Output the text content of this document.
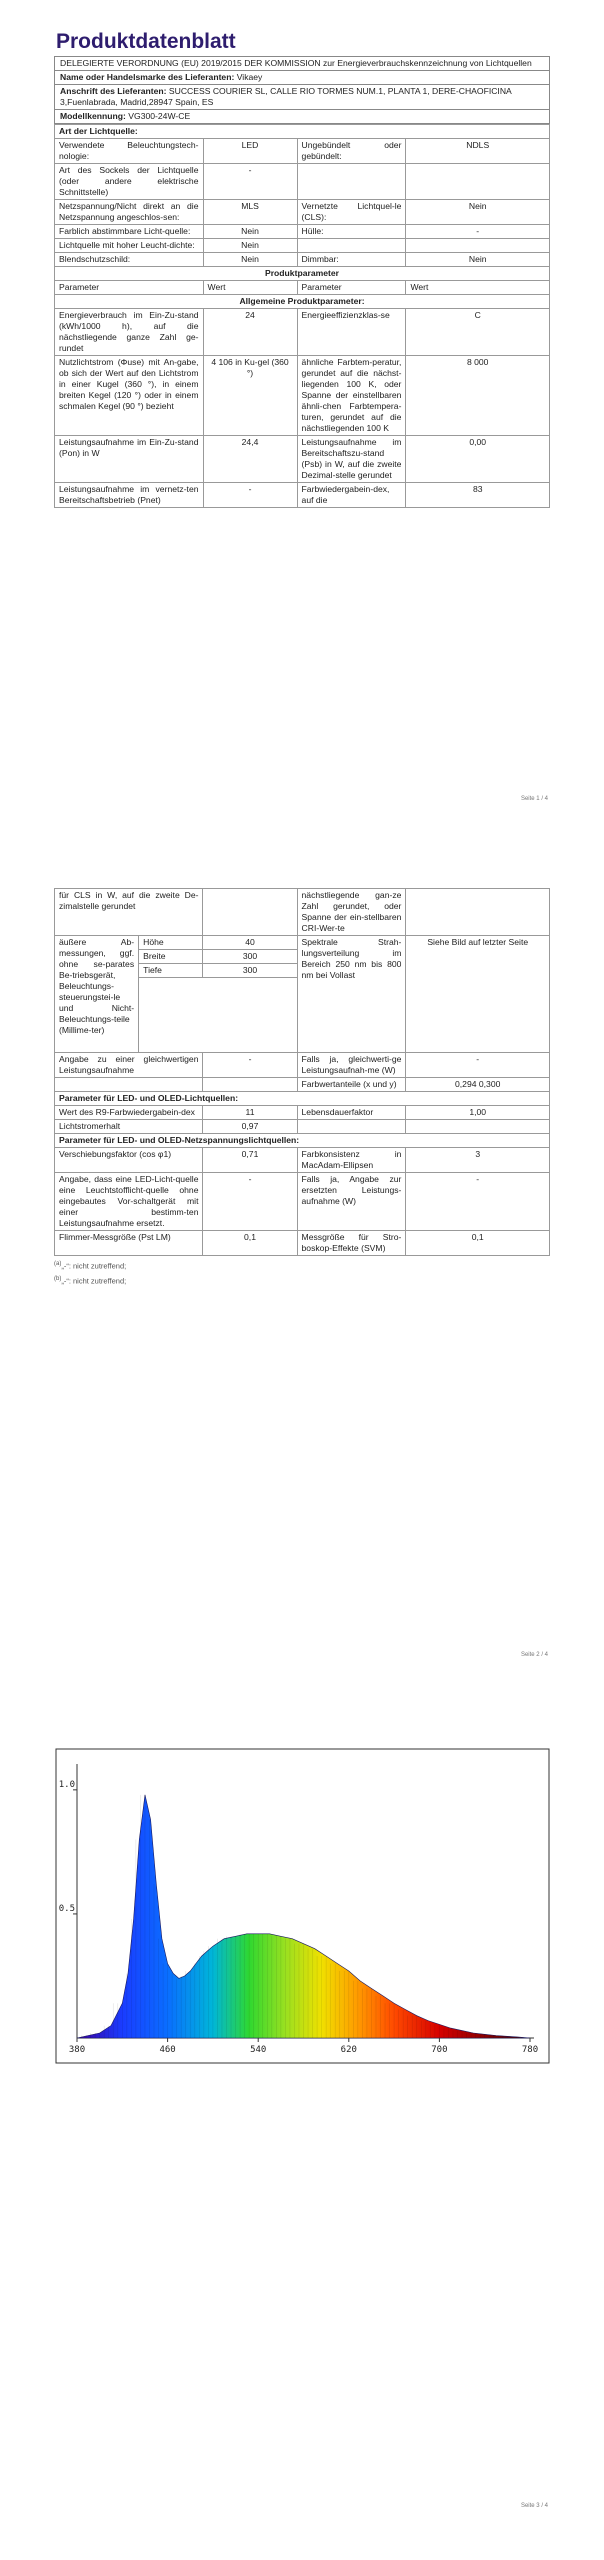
Produktdatenblatt
DELEGIERTE VERORDNUNG (EU) 2019/2015 DER KOMMISSION zur Energieverbrauchskennzeichnung von Lichtquellen
Name oder Handelsmarke des Lieferanten: Vikaey
Anschrift des Lieferanten: SUCCESS COURIER SL, CALLE RIO TORMES NUM.1, PLANTA 1, DERE-CHAOFICINA 3,Fuenlabrada, Madrid,28947 Spain, ES
Modellkennung: VG300-24W-CE
Art der Lichtquelle:			
Verwendete Beleuchtungstech-nologie:	LED	Ungebündelt oder gebündelt:	NDLS
Art des Sockels der Lichtquelle (oder andere elektrische Schnittstelle)	-		
Netzspannung/Nicht direkt an die Netzspannung angeschlos-sen:	MLS	Vernetzte Lichtquel-le (CLS):	Nein
Farblich abstimmbare Licht-quelle:	Nein	Hülle:	-
Lichtquelle mit hoher Leucht-dichte:	Nein		
Blendschutzschild:	Nein	Dimmbar:	Nein
Produktparameter			
Parameter	Wert	Parameter	Wert
Allgemeine Produktparameter:			
Energieverbrauch im Ein-Zu-stand (kWh/1000 h), auf die nächstliegende ganze Zahl ge-rundet	24	Energieeffizienzklas-se	C
Nutzlichtstrom (Φuse) mit An-gabe, ob sich der Wert auf den Lichtstrom in einer Kugel (360 °), in einem breiten Kegel (120 °) oder in einem schmalen Kegel (90 °) bezieht	4 106 in Ku-gel (360 °)	ähnliche Farbtem-peratur, gerundet auf die nächst-liegenden 100 K, oder Spanne der einstellbaren ähnli-chen Farbtempera-turen, gerundet auf die nächstliegenden 100 K	8 000
Leistungsaufnahme im Ein-Zu-stand (Pon) in W	24,4	Leistungsaufnahme im Bereitschaftszu-stand (Psb) in W, auf die zweite Dezimal-stelle gerundet	0,00
Leistungsaufnahme im vernetz-ten Bereitschaftsbetrieb (Pnet)	-	Farbwiedergabein-dex, auf die	83
Seite 1 / 4
für CLS in W, auf die zweite De-zimalstelle gerundet			nächstliegende gan-ze Zahl gerundet, oder Spanne der ein-stellbaren CRI-Wer-te	
äußere Ab-messungen, ggf. ohne se-parates Be-triebsgerät, Beleuchtungs-steuerungstei-le und Nicht-Beleuchtungs-teile (Millime-ter)	Höhe	40	Spektrale Strah-lungsverteilung im Bereich 250 nm bis 800 nm bei Vollast	Siehe Bild auf letzter Seite
	Breite	300		
	Tiefe	300		

Angabe zu einer gleichwertigen Leistungsaufnahme		-	Falls ja, gleichwerti-ge Leistungsaufnah-me (W)	-
			Farbwertanteile (x und y)	0,294 0,300
Parameter für LED- und OLED-Lichtquellen:				
Wert des R9-Farbwiedergabein-dex		11	Lebensdauerfaktor	1,00
Lichtstromerhalt		0,97		
Parameter für LED- und OLED-Netzspannungslichtquellen:				
Verschiebungsfaktor (cos φ1)		0,71	Farbkonsistenz in MacAdam-Ellipsen	3
Angabe, dass eine LED-Licht-quelle eine Leuchtstofflicht-quelle ohne eingebautes Vor-schaltgerät mit einer bestimm-ten Leistungsaufnahme ersetzt.		-	Falls ja, Angabe zur ersetzten Leistungs-aufnahme (W)	-
Flimmer-Messgröße (Pst LM)		0,1	Messgröße für Stro-boskop-Effekte (SVM)	0,1
$^{(a)}$„-“: nicht zutreffend;
$^{(b)}$„-“: nicht zutreffend;
Seite 2 / 4
Seite 3 / 4
380	460	540	620	700	780
1.0
0.5
